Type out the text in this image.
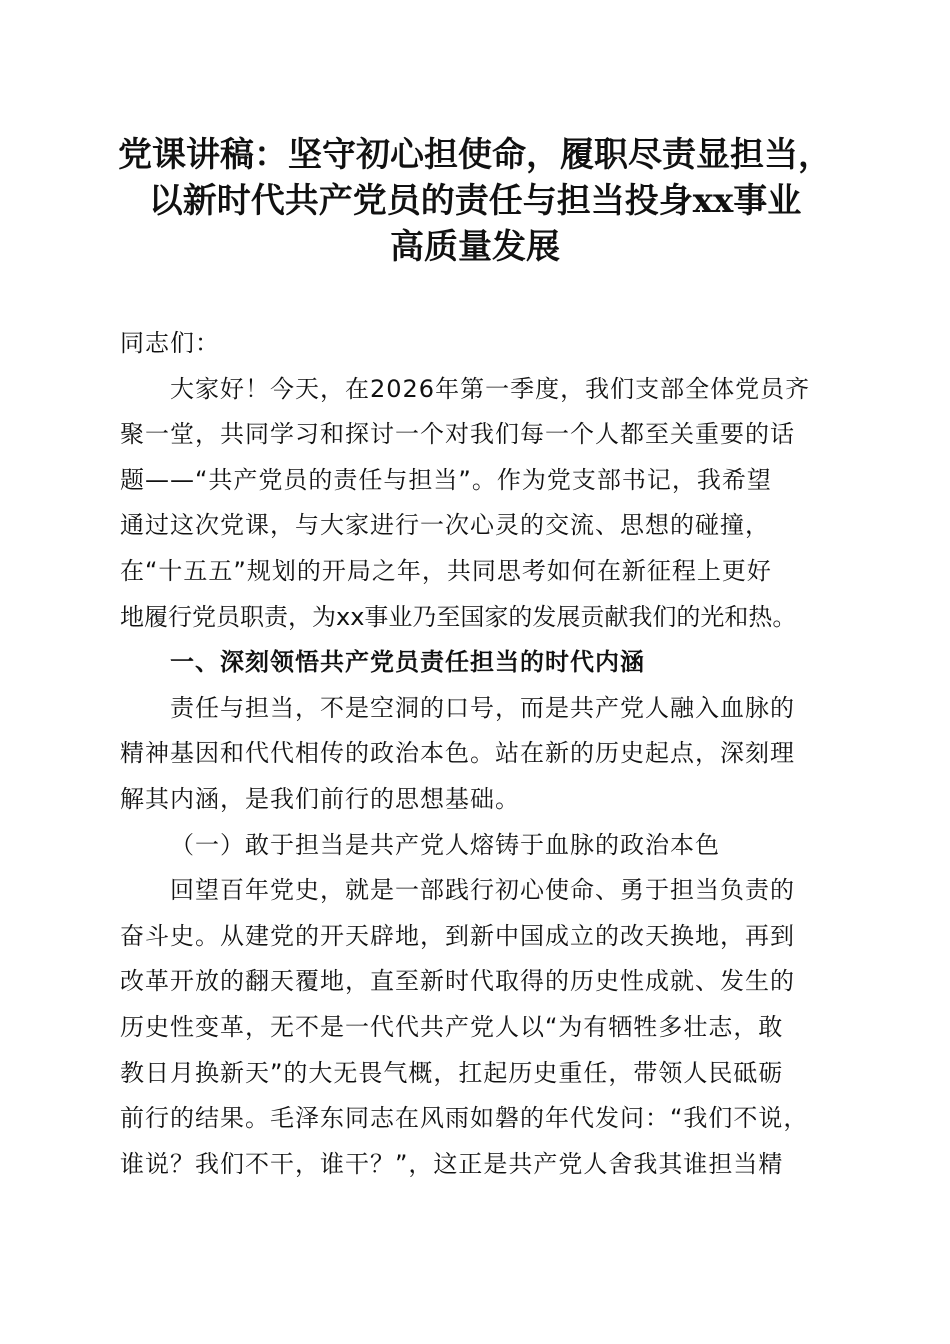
党课讲稿：坚守初心担使命，履职尽责显担当，
以新时代共产党员的责任与担当投身xx事业
高质量发展
同志们：
大家好！今天，在2026年第一季度，我们支部全体党员齐
聚一堂，共同学习和探讨一个对我们每一个人都至关重要的话
题——“共产党员的责任与担当”。作为党支部书记，我希望
通过这次党课，与大家进行一次心灵的交流、思想的碰撞，
在“十五五”规划的开局之年，共同思考如何在新征程上更好
地履行党员职责，为xx事业乃至国家的发展贡献我们的光和热。
一、深刻领悟共产党员责任担当的时代内涵
责任与担当，不是空洞的口号，而是共产党人融入血脉的
精神基因和代代相传的政治本色。站在新的历史起点，深刻理
解其内涵，是我们前行的思想基础。
（一）敢于担当是共产党人熔铸于血脉的政治本色
回望百年党史，就是一部践行初心使命、勇于担当负责的
奋斗史。从建党的开天辟地，到新中国成立的改天换地，再到
改革开放的翻天覆地，直至新时代取得的历史性成就、发生的
历史性变革，无不是一代代共产党人以“为有牺牲多壮志，敢
教日月换新天”的大无畏气概，扛起历史重任，带领人民砥砺
前行的结果。毛泽东同志在风雨如磐的年代发问：“我们不说，
谁说？我们不干，谁干？”，这正是共产党人舍我其谁担当精
